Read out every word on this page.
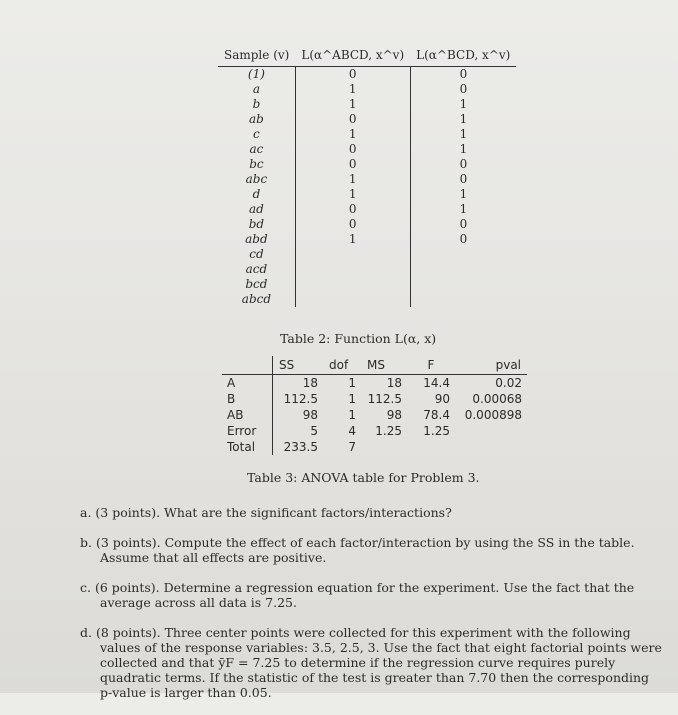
Sample (v)	L(α^ABCD, x^v)	L(α^BCD, x^v)
(1)	0	0
a	1	0
b	1	1
ab	0	1
c	1	1
ac	0	1
bc	0	0
abc	1	0
d	1	1
ad	0	1
bd	0	0
abd	1	0
cd		
acd		
bcd		
abcd		
Table 2: Function L(α, x)
	SS	dof	MS	F	pval
A	18	1	18	14.4	0.02
B	112.5	1	112.5	90	0.00068
AB	98	1	98	78.4	0.000898
Error	5	4	1.25	1.25	
Total	233.5	7			
Table 3: ANOVA table for Problem 3.
a. (3 points). What are the significant factors/interactions?
b. (3 points). Compute the effect of each factor/interaction by using the SS in the table. Assume that all effects are positive.
c. (6 points). Determine a regression equation for the experiment. Use the fact that the average across all data is 7.25.
d. (8 points). Three center points were collected for this experiment with the following values of the response variables: 3.5, 2.5, 3. Use the fact that eight factorial points were collected and that ȳF = 7.25 to determine if the regression curve requires purely quadratic terms. If the statistic of the test is greater than 7.70 then the corresponding p-value is larger than 0.05.
